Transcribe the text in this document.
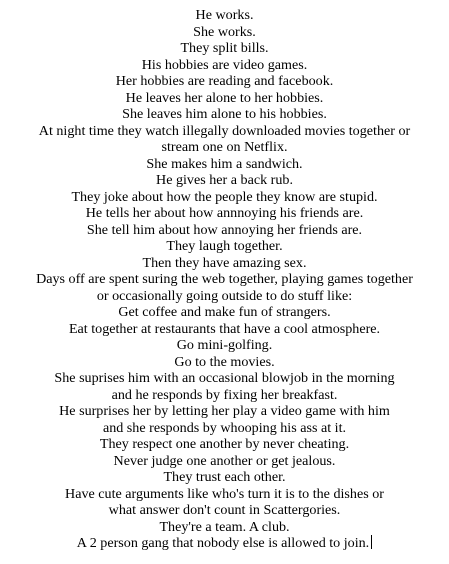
He works.
She works.
They split bills.
His hobbies are video games.
Her hobbies are reading and facebook.
He leaves her alone to her hobbies.
She leaves him alone to his hobbies.
At night time they watch illegally downloaded movies together or
stream one on Netflix.
She makes him a sandwich.
He gives her a back rub.
They joke about how the people they know are stupid.
He tells her about how annnoying his friends are.
She tell him about how annoying her friends are.
They laugh together.
Then they have amazing sex.
Days off are spent suring the web together, playing games together
or occasionally going outside to do stuff like:
Get coffee and make fun of strangers.
Eat together at restaurants that have a cool atmosphere.
Go mini-golfing.
Go to the movies.
She suprises him with an occasional blowjob in the morning
and he responds by fixing her breakfast.
He surprises her by letting her play a video game with him
and she responds by whooping his ass at it.
They respect one another by never cheating.
Never judge one another or get jealous.
They trust each other.
Have cute arguments like who's turn it is to the dishes or
what answer don't count in Scattergories.
They're a team. A club.
A 2 person gang that nobody else is allowed to join.
